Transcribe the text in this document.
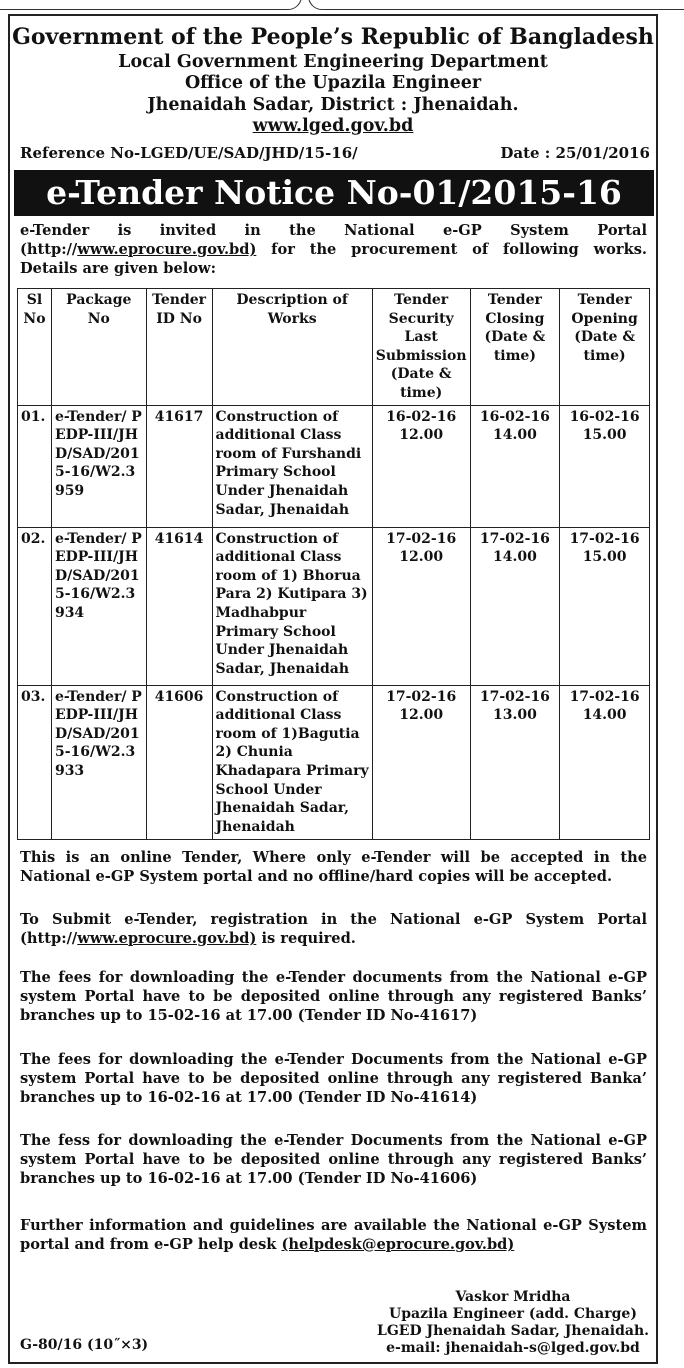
Government of the People’s Republic of Bangladesh
Local Government Engineering Department
Office of the Upazila Engineer
Jhenaidah Sadar, District : Jhenaidah.
www.lged.gov.bd
Reference No-LGED/UE/SAD/JHD/15-16/	Date : 25/01/2016
e-Tender Notice No-01/2015-16
e-Tender is invited in the National e-GP System Portal (http://www.eprocure.gov.bd) for the procurement of following works. Details are given below:
Sl No	Package No	Tender ID No	Description of Works	Tender Security Last Submission (Date & time)	Tender Closing (Date & time)	Tender Opening (Date & time)
01.	e-Tender/ PEDP-III/JHD/SAD/2015-16/W2.3959	41617	Construction of additional Class room of Furshandi Primary School Under Jhenaidah Sadar, Jhenaidah	16-02-16 12.00	16-02-16 14.00	16-02-16 15.00
02.	e-Tender/ PEDP-III/JHD/SAD/2015-16/W2.3934	41614	Construction of additional Class room of 1) Bhorua Para 2) Kutipara 3) Madhabpur Primary School Under Jhenaidah Sadar, Jhenaidah	17-02-16 12.00	17-02-16 14.00	17-02-16 15.00
03.	e-Tender/ PEDP-III/JHD/SAD/2015-16/W2.3933	41606	Construction of additional Class room of 1)Bagutia 2) Chunia Khadapara Primary School Under Jhenaidah Sadar, Jhenaidah	17-02-16 12.00	17-02-16 13.00	17-02-16 14.00
This is an online Tender, Where only e-Tender will be accepted in the National e-GP System portal and no offline/hard copies will be accepted.
To Submit e-Tender, registration in the National e-GP System Portal (http://www.eprocure.gov.bd) is required.
The fees for downloading the e-Tender documents from the National e-GP system Portal have to be deposited online through any registered Banks’ branches up to 15-02-16 at 17.00 (Tender ID No-41617)
The fees for downloading the e-Tender Documents from the National e-GP system Portal have to be deposited online through any registered Banka’ branches up to 16-02-16 at 17.00 (Tender ID No-41614)
The fess for downloading the e-Tender Documents from the National e-GP system Portal have to be deposited online through any registered Banks’ branches up to 16-02-16 at 17.00 (Tender ID No-41606)
Further information and guidelines are available the National e-GP System portal and from e-GP help desk (helpdesk@eprocure.gov.bd)
Vaskor Mridha
Upazila Engineer (add. Charge)
LGED Jhenaidah Sadar, Jhenaidah.
e-mail: jhenaidah-s@lged.gov.bd
G-80/16 (10˝×3)
